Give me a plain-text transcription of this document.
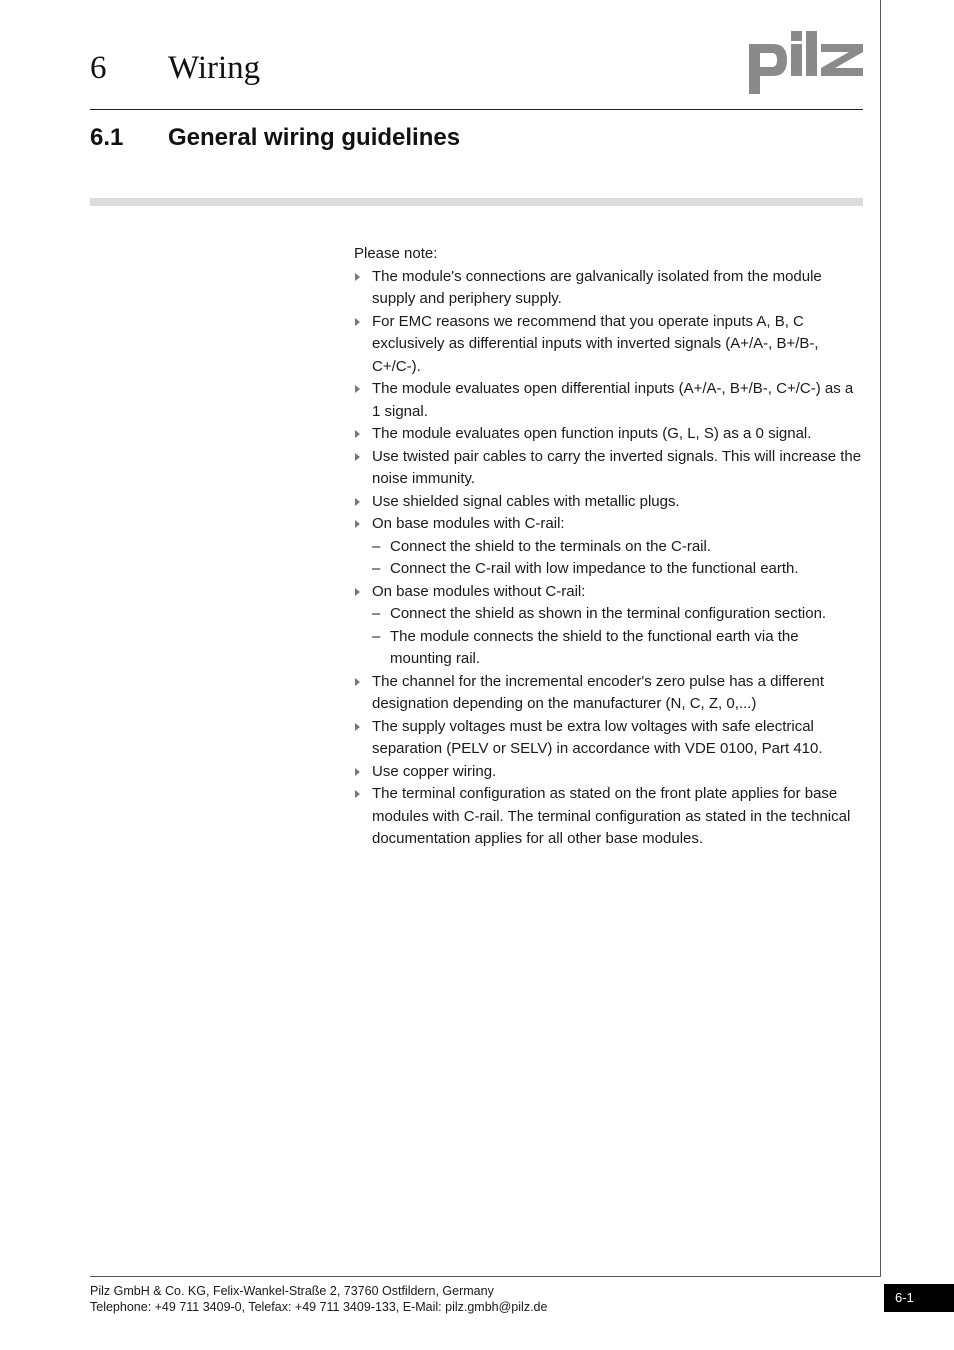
6 Wiring
6.1 General wiring guidelines

Please note:

The module's connections are galvanically isolated from the module supply and periphery supply.
For EMC reasons we recommend that you operate inputs A, B, C exclusively as differential inputs with inverted signals (A+/A-, B+/B-, C+/C-).
The module evaluates open differential inputs (A+/A-, B+/B-, C+/C-) as a 1 signal.
The module evaluates open function inputs (G, L, S) as a 0 signal.
Use twisted pair cables to carry the inverted signals. This will increase the noise immunity.
Use shielded signal cables with metallic plugs.
On base modules with C-rail:
– Connect the shield to the terminals on the C-rail.
– Connect the C-rail with low impedance to the functional earth.
On base modules without C-rail:
– Connect the shield as shown in the terminal configuration section.
– The module connects the shield to the functional earth via the mounting rail.
The channel for the incremental encoder's zero pulse has a different designation depending on the manufacturer (N, C, Z, 0,...)
The supply voltages must be extra low voltages with safe electrical separation (PELV or SELV) in accordance with VDE 0100, Part 410.
Use copper wiring.
The terminal configuration as stated on the front plate applies for base modules with C-rail. The terminal configuration as stated in the technical documentation applies for all other base modules.
Pilz GmbH & Co. KG, Felix-Wankel-Straße 2, 73760 Ostfildern, Germany
Telephone: +49 711 3409-0, Telefax: +49 711 3409-133, E-Mail: pilz.gmbh@pilz.de
6-1
